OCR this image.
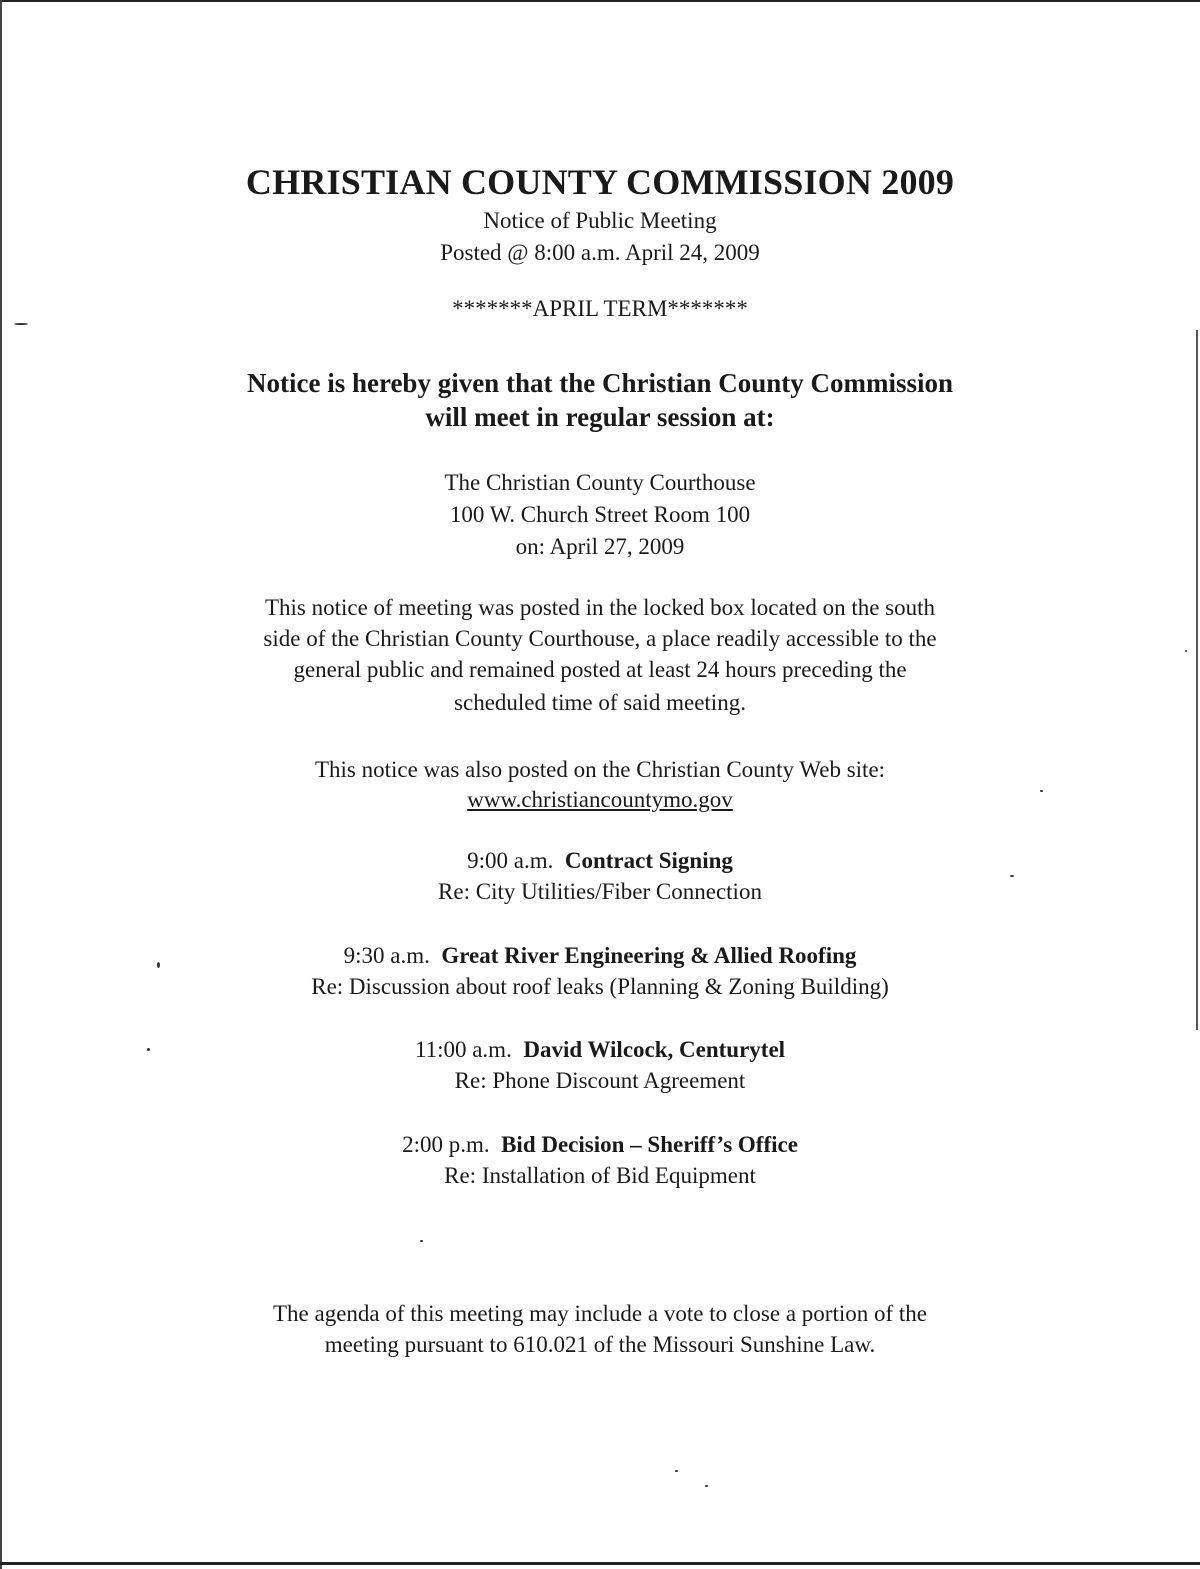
CHRISTIAN COUNTY COMMISSION 2009
Notice of Public Meeting
Posted @ 8:00 a.m. April 24, 2009
*******APRIL TERM*******
Notice is hereby given that the Christian County Commission
will meet in regular session at:
The Christian County Courthouse
100 W. Church Street Room 100
on: April 27, 2009
This notice of meeting was posted in the locked box located on the south
side of the Christian County Courthouse, a place readily accessible to the
general public and remained posted at least 24 hours preceding the
scheduled time of said meeting.
This notice was also posted on the Christian County Web site:
www.christiancountymo.gov
9:00 a.m. Contract Signing
Re: City Utilities/Fiber Connection
9:30 a.m. Great River Engineering & Allied Roofing
Re: Discussion about roof leaks (Planning & Zoning Building)
11:00 a.m. David Wilcock, Centurytel
Re: Phone Discount Agreement
2:00 p.m. Bid Decision – Sheriff’s Office
Re: Installation of Bid Equipment
The agenda of this meeting may include a vote to close a portion of the
meeting pursuant to 610.021 of the Missouri Sunshine Law.
